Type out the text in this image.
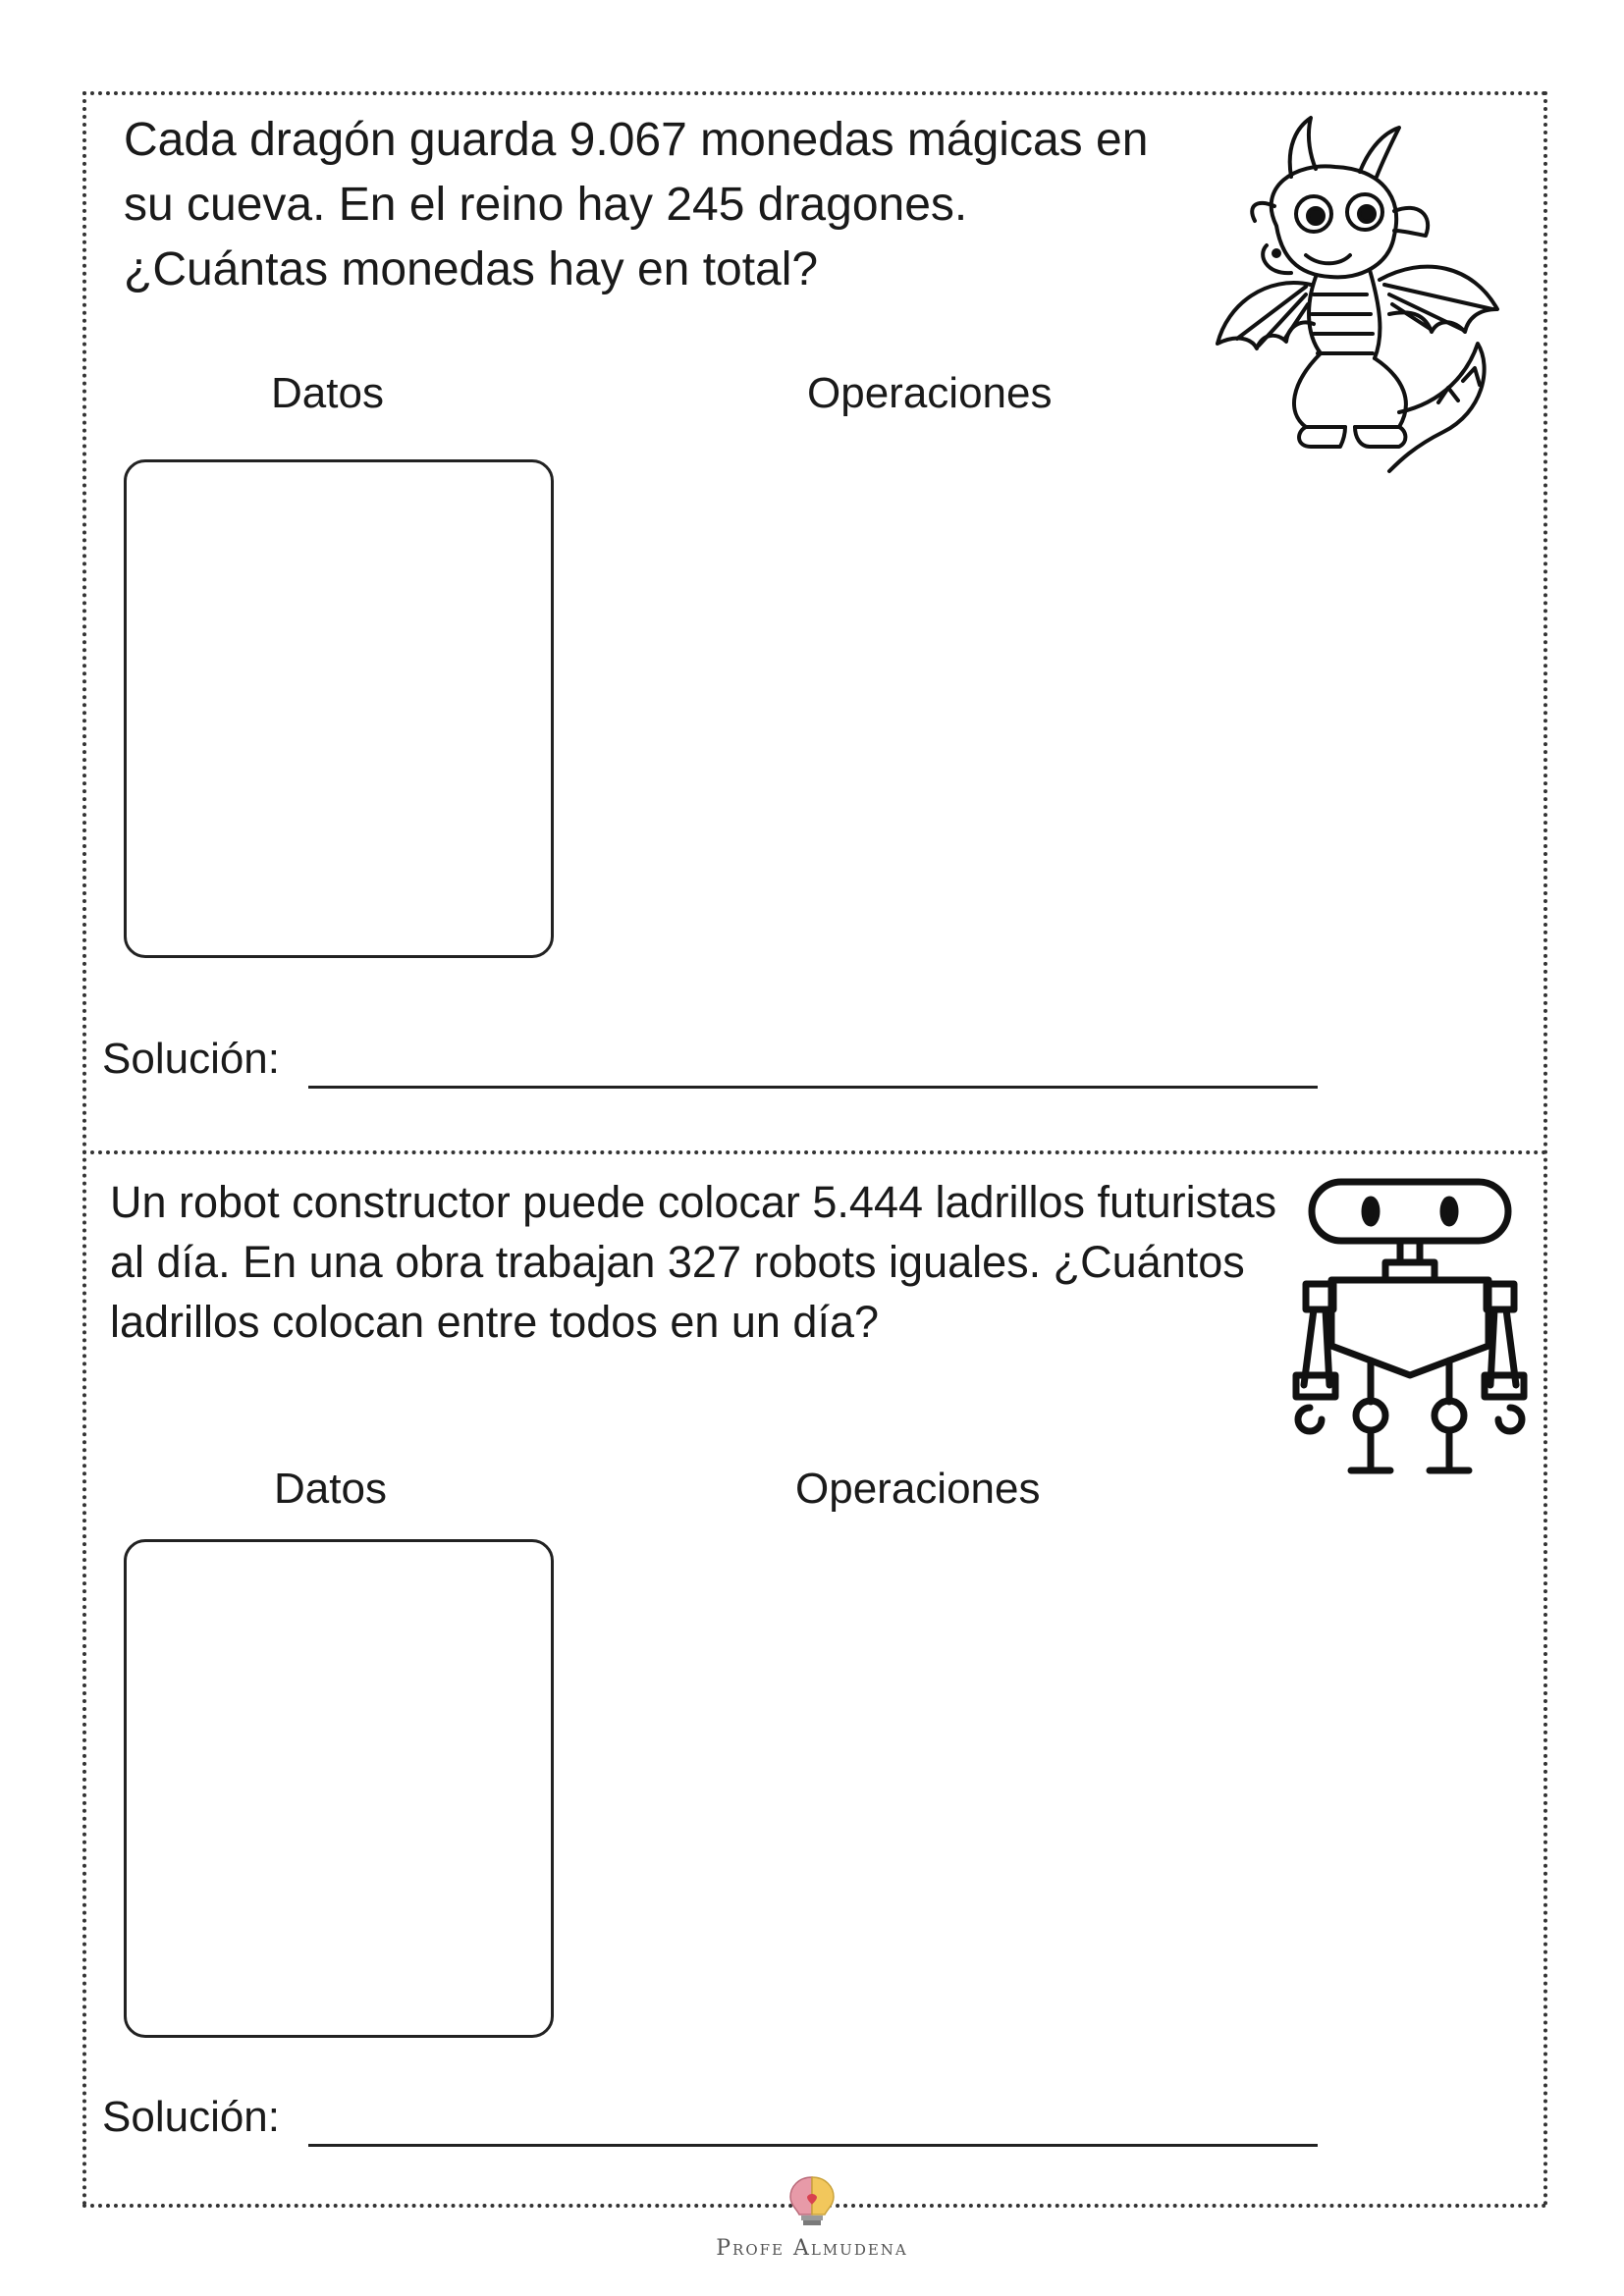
Cada dragón guarda 9.067 monedas mágicas en su cueva. En el reino hay 245 dragones. ¿Cuántas monedas hay en total?

Datos	Operaciones
Solución:

Un robot constructor puede colocar 5.444 ladrillos futuristas al día. En una obra trabajan 327 robots iguales. ¿Cuántos ladrillos colocan entre todos en un día?

Datos	Operaciones
Solución:
Profe Almudena
